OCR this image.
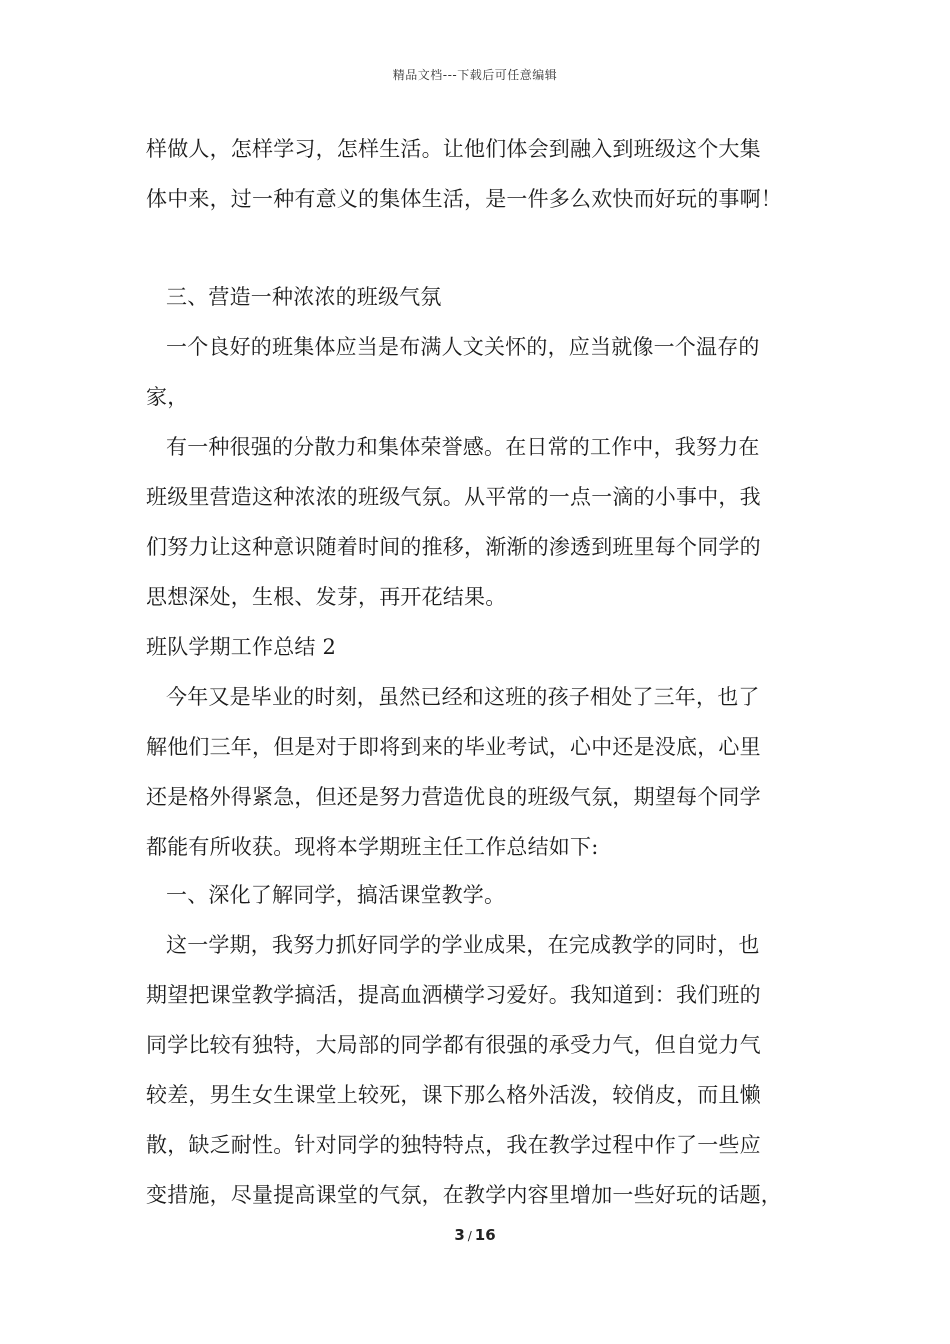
精品文档---下载后可任意编辑
样做人，怎样学习，怎样生活。让他们体会到融入到班级这个大集
体中来，过一种有意义的集体生活，是一件多么欢快而好玩的事啊！
三、营造一种浓浓的班级气氛
一个良好的班集体应当是布满人文关怀的，应当就像一个温存的
家，
有一种很强的分散力和集体荣誉感。在日常的工作中，我努力在
班级里营造这种浓浓的班级气氛。从平常的一点一滴的小事中，我
们努力让这种意识随着时间的推移，渐渐的渗透到班里每个同学的
思想深处，生根、发芽，再开花结果。
班队学期工作总结 2
今年又是毕业的时刻，虽然已经和这班的孩子相处了三年，也了
解他们三年，但是对于即将到来的毕业考试，心中还是没底，心里
还是格外得紧急，但还是努力营造优良的班级气氛，期望每个同学
都能有所收获。现将本学期班主任工作总结如下:
一、深化了解同学，搞活课堂教学。
这一学期，我努力抓好同学的学业成果，在完成教学的同时，也
期望把课堂教学搞活，提高血洒横学习爱好。我知道到：我们班的
同学比较有独特，大局部的同学都有很强的承受力气，但自觉力气
较差，男生女生课堂上较死，课下那么格外活泼，较俏皮，而且懒
散，缺乏耐性。针对同学的独特特点，我在教学过程中作了一些应
变措施，尽量提高课堂的气氛，在教学内容里增加一些好玩的话题，
3 / 16
